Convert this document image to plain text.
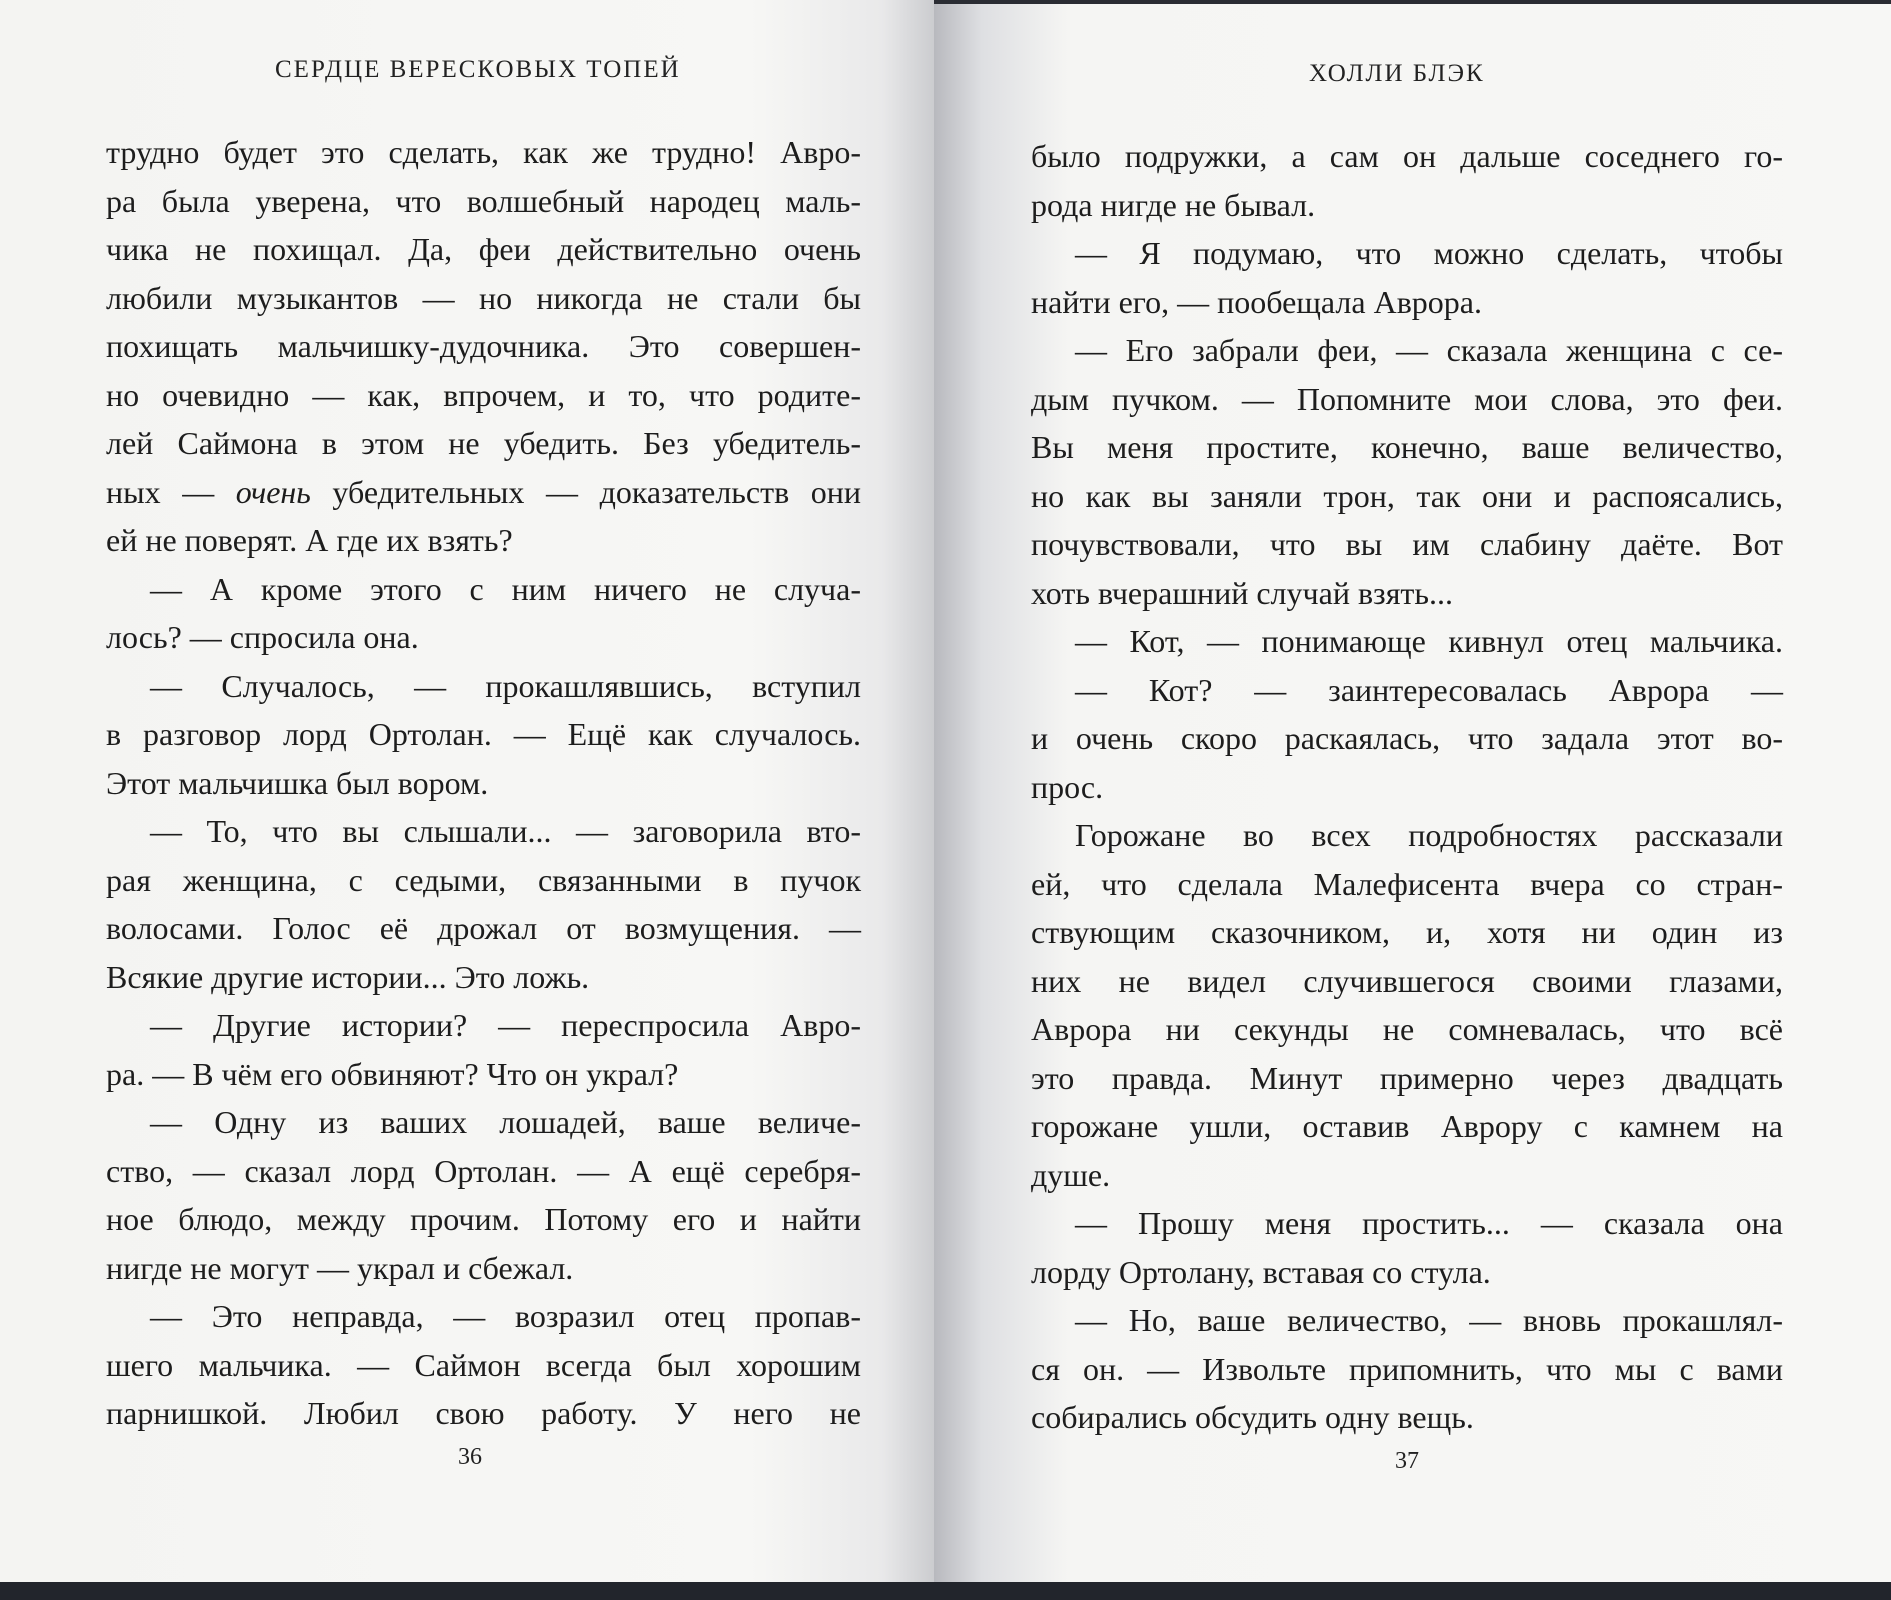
СЕРДЦЕ ВЕРЕСКОВЫХ ТОПЕЙ
трудно будет это сделать, как же трудно! Авро-
ра была уверена, что волшебный народец маль-
чика не похищал. Да, феи действительно очень
любили музыкантов — но никогда не стали бы
похищать мальчишку-дудочника. Это совершен-
но очевидно — как, впрочем, и то, что родите-
лей Саймона в этом не убедить. Без убедитель-
ных — очень убедительных — доказательств они
ей не поверят. А где их взять?
— А кроме этого с ним ничего не случа-
лось? — спросила она.
— Случалось, — прокашлявшись, вступил
в разговор лорд Ортолан. — Ещё как случалось.
Этот мальчишка был вором.
— То, что вы слышали... — заговорила вто-
рая женщина, с седыми, связанными в пучок
волосами. Голос её дрожал от возмущения. —
Всякие другие истории... Это ложь.
— Другие истории? — переспросила Авро-
ра. — В чём его обвиняют? Что он украл?
— Одну из ваших лошадей, ваше величе-
ство, — сказал лорд Ортолан. — А ещё серебря-
ное блюдо, между прочим. Потому его и найти
нигде не могут — украл и сбежал.
— Это неправда, — возразил отец пропав-
шего мальчика. — Саймон всегда был хорошим
парнишкой. Любил свою работу. У него не
36
ХОЛЛИ БЛЭК
было подружки, а сам он дальше соседнего го-
рода нигде не бывал.
— Я подумаю, что можно сделать, чтобы
найти его, — пообещала Аврора.
— Его забрали феи, — сказала женщина с се-
дым пучком. — Попомните мои слова, это феи.
Вы меня простите, конечно, ваше величество,
но как вы заняли трон, так они и распоясались,
почувствовали, что вы им слабину даёте. Вот
хоть вчерашний случай взять...
— Кот, — понимающе кивнул отец мальчика.
— Кот? — заинтересовалась Аврора —
и очень скоро раскаялась, что задала этот во-
прос.
Горожане во всех подробностях рассказали
ей, что сделала Малефисента вчера со стран-
ствующим сказочником, и, хотя ни один из
них не видел случившегося своими глазами,
Аврора ни секунды не сомневалась, что всё
это правда. Минут примерно через двадцать
горожане ушли, оставив Аврору с камнем на
душе.
— Прошу меня простить... — сказала она
лорду Ортолану, вставая со стула.
— Но, ваше величество, — вновь прокашлял-
ся он. — Извольте припомнить, что мы с вами
собирались обсудить одну вещь.
37
